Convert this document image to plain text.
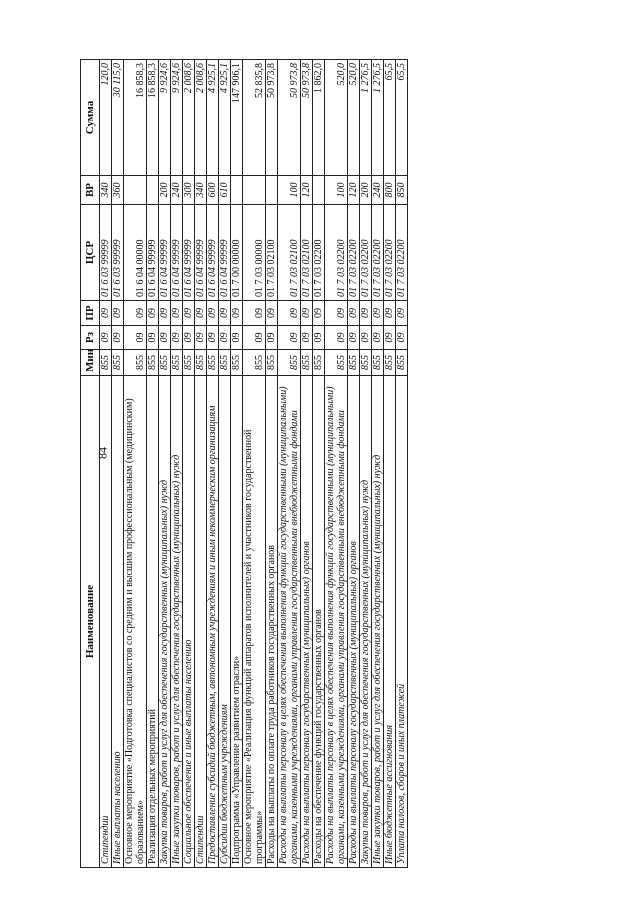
84
Наименование	Мин	Рз	ПР	ЦСР	ВР	Сумма
Стипендии	855	09	09	01 6 03 99999	340	120,0
Иные выплаты населению	855	09	09	01 6 03 99999	360	30 115,0
Основное мероприятие «Подготовка специалистов со средним и высшим профессиональным (медицинским) образованием»	855	09	09	01 6 04 00000		16 858,3
Реализация отдельных мероприятий	855	09	09	01 6 04 99999		16 858,3
Закупка товаров, работ и услуг для обеспечения государственных (муниципальных) нужд	855	09	09	01 6 04 99999	200	9 924,6
Иные закупки товаров, работ и услуг для обеспечения государственных (муниципальных) нужд	855	09	09	01 6 04 99999	240	9 924,6
Социальное обеспечение и иные выплаты населению	855	09	09	01 6 04 99999	300	2 008,6
Стипендии	855	09	09	01 6 04 99999	340	2 008,6
Предоставление субсидий бюджетным, автономным учреждениям и иным некоммерческим организациям	855	09	09	01 6 04 99999	600	4 925,1
Субсидии бюджетным учреждениям	855	09	09	01 6 04 99999	610	4 925,1
Подпрограмма «Управление развитием отрасли»	855	09	09	01 7 00 00000		147 906,1
Основное мероприятие «Реализация функций аппаратов исполнителей и участников государственной программы»	855	09	09	01 7 03 00000		52 835,8
Расходы на выплаты по оплате труда работников государственных органов	855	09	09	01 7 03 02100		50 973,8
Расходы на выплаты персоналу в целях обеспечения выполнения функций государственными (муниципальными) органами, казенными учреждениями, органами управления государственными внебюджетными фондами	855	09	09	01 7 03 02100	100	50 973,8
Расходы на выплаты персоналу государственных (муниципальных) органов	855	09	09	01 7 03 02100	120	50 973,8
Расходы на обеспечение функций государственных органов	855	09	09	01 7 03 02200		1 862,0
Расходы на выплаты персоналу в целях обеспечения выполнения функций государственными (муниципальными) органами, казенными учреждениями, органами управления государственными внебюджетными фондами	855	09	09	01 7 03 02200	100	520,0
Расходы на выплаты персоналу государственных (муниципальных) органов	855	09	09	01 7 03 02200	120	520,0
Закупка товаров, работ и услуг для обеспечения государственных (муниципальных) нужд	855	09	09	01 7 03 02200	200	1 276,5
Иные закупки товаров, работ и услуг для обеспечения государственных (муниципальных) нужд	855	09	09	01 7 03 02200	240	1 276,5
Иные бюджетные ассигнования	855	09	09	01 7 03 02200	800	65,5
Уплата налогов, сборов и иных платежей	855	09	09	01 7 03 02200	850	65,5
